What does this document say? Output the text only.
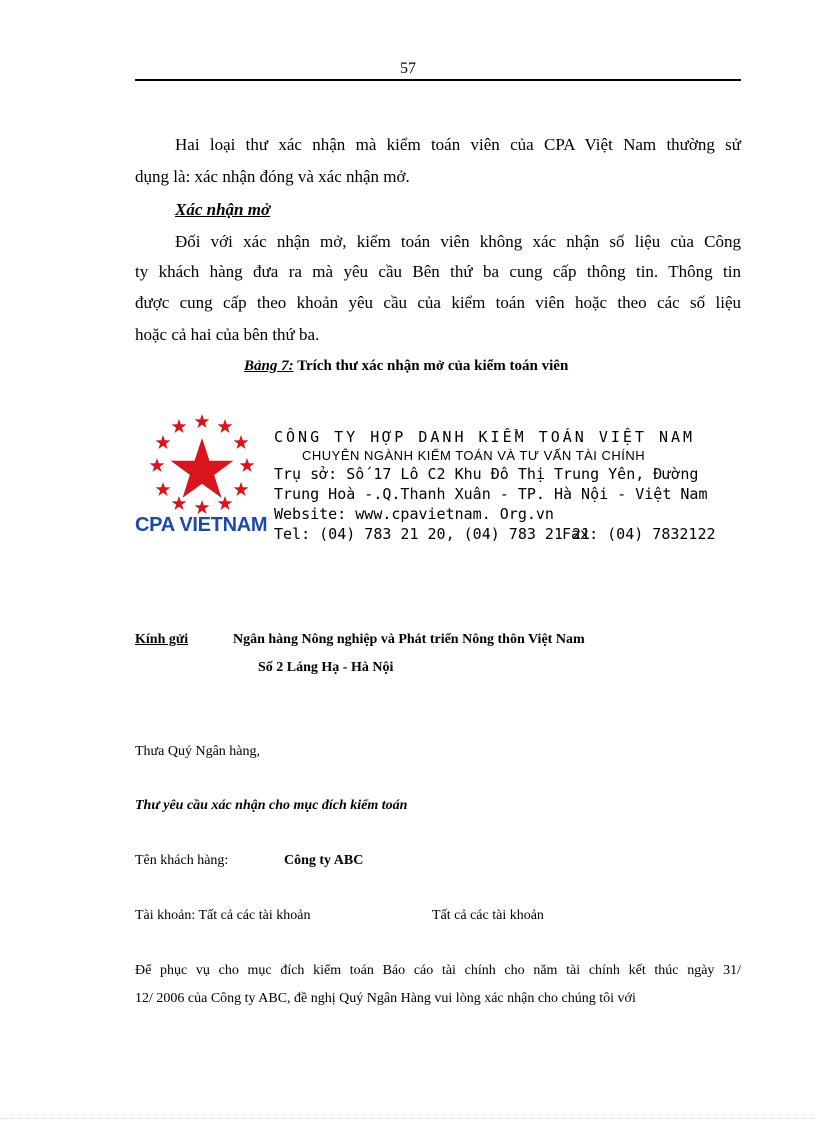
57
Hai loại thư xác nhận mà kiểm toán viên của CPA Việt Nam thường sử
dụng là: xác nhận đóng và xác nhận mở.
Xác nhận mở
Đối với xác nhận mở, kiểm toán viên không xác nhận số liệu của Công
ty khách hàng đưa ra mà yêu cầu Bên thứ ba cung cấp thông tin. Thông tin
được cung cấp theo khoản yêu cầu của kiểm toán viên hoặc theo các số liệu
hoặc cả hai của bên thứ ba.
Bảng 7: Trích thư xác nhận mở của kiểm toán viên
CPA VIETNAM
CÔNG TY HỢP DANH KIỂM TOÁN VIỆT NAM
CHUYÊN NGÀNH KIỂM TOÁN VÀ TƯ VẤN TÀI CHÍNH
Trụ sở: Số 17 Lô C2 Khu Đô Thị Trung Yên, Đường
Trung Hoà -.Q.Thanh Xuân - TP. Hà Nội - Việt Nam
Website: www.cpavietnam. Org.vn
Tel: (04) 783 21 20, (04) 783 21 21
Fax: (04) 7832122
Kính gửi	Ngân hàng Nông nghiệp và Phát triển Nông thôn Việt Nam
Số 2 Láng Hạ - Hà Nội
Thưa Quý Ngân hàng,
Thư yêu cầu xác nhận cho mục đích kiểm toán
Tên khách hàng:	Công ty ABC
Tài khoản: Tất cả các tài khoản	Tất cả các tài khoản
Để phục vụ cho mục đích kiểm toán Báo cáo tài chính cho năm tài chính kết thúc ngày 31/
12/ 2006 của Công ty ABC, đề nghị Quý Ngân Hàng vui lòng xác nhận cho chúng tôi với
